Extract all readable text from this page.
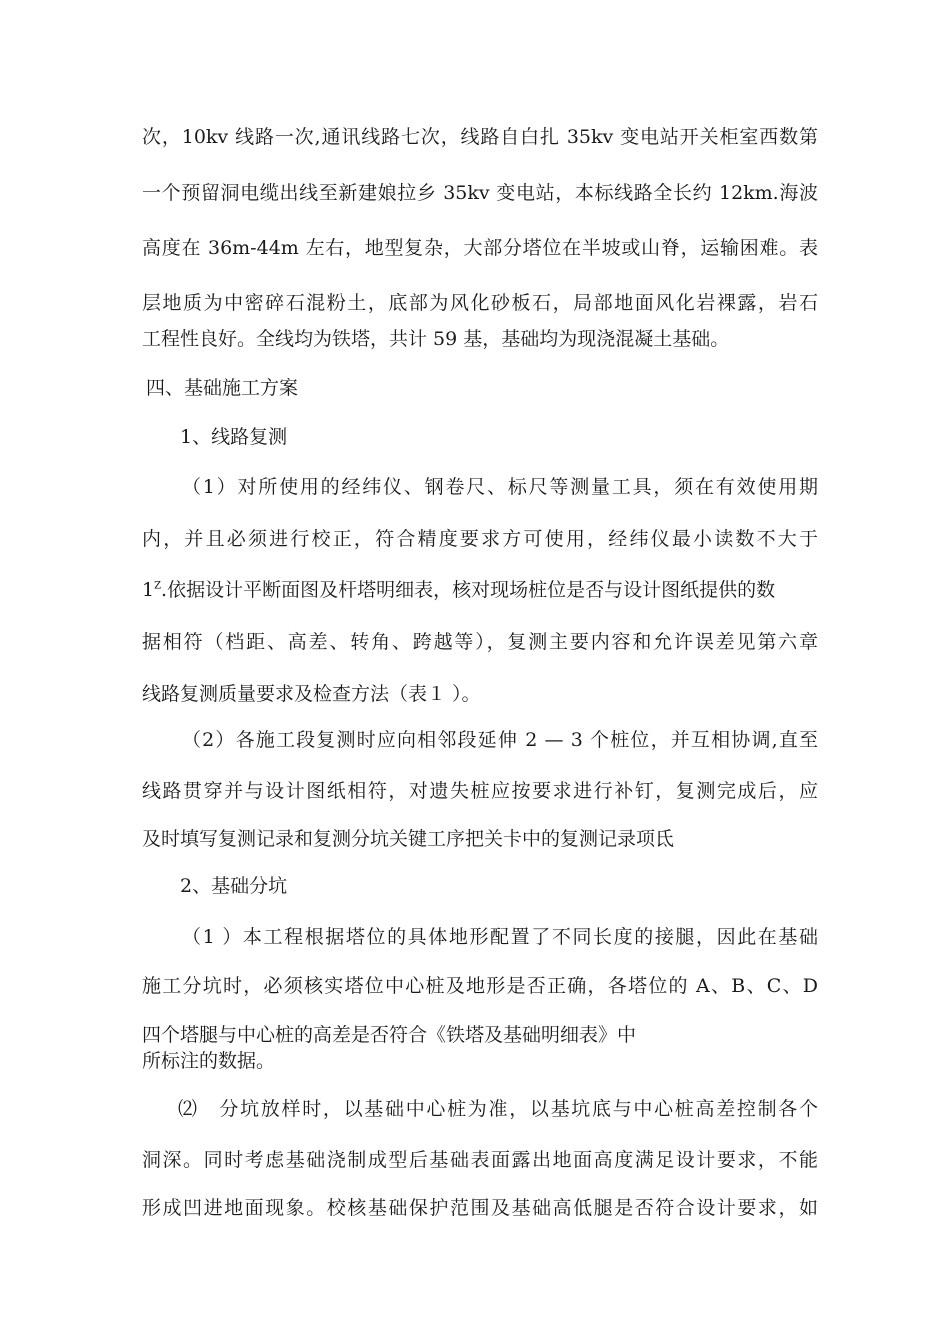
次，10kv 线路一次,通讯线路七次，线路自白扎 35kv 变电站开关柜室西数第
一个预留洞电缆出线至新建娘拉乡 35kv 变电站，本标线路全长约 12km.海波
高度在 36m-44m 左右，地型复杂，大部分塔位在半坡或山脊，运输困难。表
层地质为中密碎石混粉土，底部为风化砂板石，局部地面风化岩裸露，岩石
工程性良好。全线均为铁塔，共计 59 基，基础均为现浇混凝土基础。
四、基础施工方案
1、线路复测
（1）对所使用的经纬仪、钢卷尺、标尺等测量工具，须在有效使用期
内，并且必须进行校正，符合精度要求方可使用，经纬仪最小读数不大于
$1^Z$.依据设计平断面图及杆塔明细表，核对现场桩位是否与设计图纸提供的数
据相符（档距、高差、转角、跨越等），复测主要内容和允许误差见第六章
线路复测质量要求及检查方法（表１ ）。
（2）各施工段复测时应向相邻段延伸 2 — 3 个桩位，并互相协调,直至
线路贯穿并与设计图纸相符，对遗失桩应按要求进行补钉，复测完成后，应
及时填写复测记录和复测分坑关键工序把关卡中的复测记录项氐
2、基础分坑
（1 ）本工程根据塔位的具体地形配置了不同长度的接腿，因此在基础
施工分坑时，必须核实塔位中心桩及地形是否正确，各塔位的 A、B、C、D
四个塔腿与中心桩的高差是否符合《铁塔及基础明细表》中
所标注的数据。
⑵　分坑放样时，以基础中心桩为准，以基坑底与中心桩高差控制各个
洞深。同时考虑基础浇制成型后基础表面露出地面高度满足设计要求，不能
形成凹进地面现象。校核基础保护范围及基础高低腿是否符合设计要求，如
